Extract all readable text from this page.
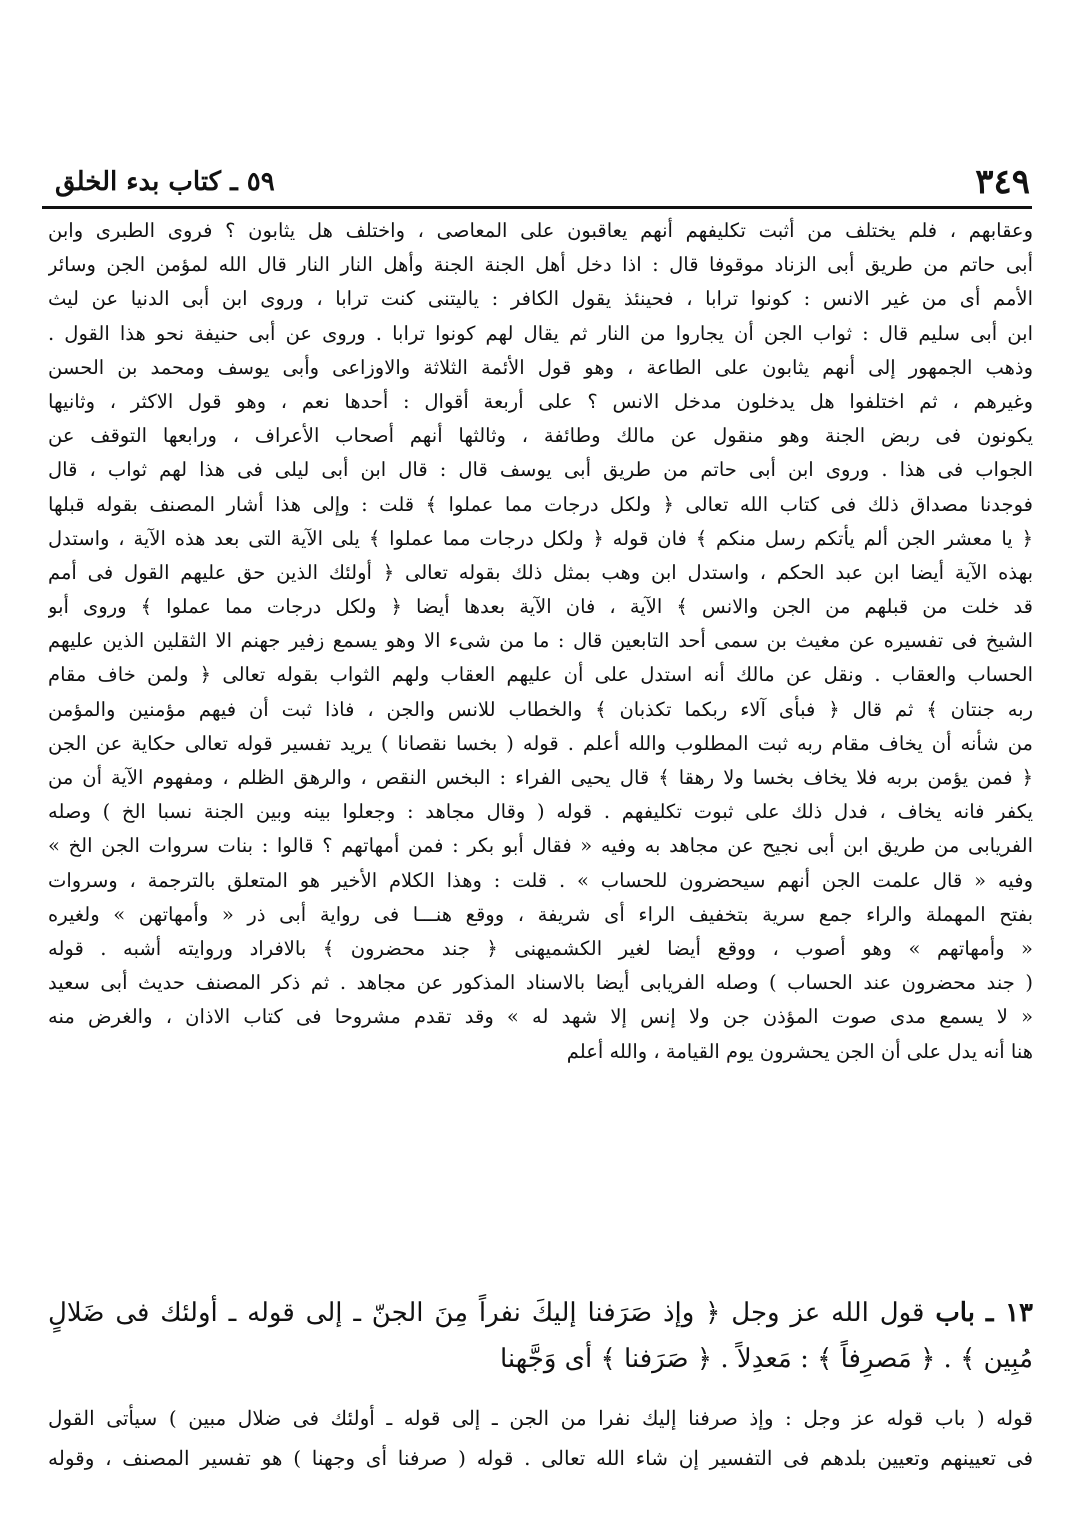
٣٤٩
٥٩ ـ كتاب بدء الخلق
وعقابهم ، فلم يختلف من أثبت تكليفهم أنهم يعاقبون على المعاصى ، واختلف هل يثابون ؟ فروى الطبرى وابن
أبى حاتم من طريق أبى الزناد موقوفا قال : اذا دخل أهل الجنة الجنة وأهل النار النار قال الله لمؤمن الجن وسائر
الأمم أى من غير الانس : كونوا ترابا ، فحينئذ يقول الكافر : ياليتنى كنت ترابا ، وروى ابن أبى الدنيا عن ليث
ابن أبى سليم قال : ثواب الجن أن يجاروا من النار ثم يقال لهم كونوا ترابا . وروى عن أبى حنيفة نحو هذا القول .
وذهب الجمهور إلى أنهم يثابون على الطاعة ، وهو قول الأئمة الثلاثة والاوزاعى وأبى يوسف ومحمد بن الحسن
وغيرهم ، ثم اختلفوا هل يدخلون مدخل الانس ؟ على أربعة أقوال : أحدها نعم ، وهو قول الاكثر ، وثانيها
يكونون فى ربض الجنة وهو منقول عن مالك وطائفة ، وثالثها أنهم أصحاب الأعراف ، ورابعها التوقف عن
الجواب فى هذا . وروى ابن أبى حاتم من طريق أبى يوسف قال : قال ابن أبى ليلى فى هذا لهم ثواب ، قال
فوجدنا مصداق ذلك فى كتاب الله تعالى ﴿ ولكل درجات مما عملوا ﴾ قلت : وإلى هذا أشار المصنف بقوله قبلها
﴿ يا معشر الجن ألم يأتكم رسل منكم ﴾ فان قوله ﴿ ولكل درجات مما عملوا ﴾ يلى الآية التى بعد هذه الآية ، واستدل
بهذه الآية أيضا ابن عبد الحكم ، واستدل ابن وهب بمثل ذلك بقوله تعالى ﴿ أولئك الذين حق عليهم القول فى أمم
قد خلت من قبلهم من الجن والانس ﴾ الآية ، فان الآية بعدها أيضا ﴿ ولكل درجات مما عملوا ﴾ وروى أبو
الشيخ فى تفسيره عن مغيث بن سمى أحد التابعين قال : ما من شىء الا وهو يسمع زفير جهنم الا الثقلين الذين عليهم
الحساب والعقاب . ونقل عن مالك أنه استدل على أن عليهم العقاب ولهم الثواب بقوله تعالى ﴿ ولمن خاف مقام
ربه جنتان ﴾ ثم قال ﴿ فبأى آلاء ربكما تكذبان ﴾ والخطاب للانس والجن ، فاذا ثبت أن فيهم مؤمنين والمؤمن
من شأنه أن يخاف مقام ربه ثبت المطلوب والله أعلم . قوله ( بخسا نقصانا ) يريد تفسير قوله تعالى حكاية عن الجن
﴿ فمن يؤمن بربه فلا يخاف بخسا ولا رهقا ﴾ قال يحيى الفراء : البخس النقص ، والرهق الظلم ، ومفهوم الآية أن من
يكفر فانه يخاف ، فدل ذلك على ثبوت تكليفهم . قوله ( وقال مجاهد : وجعلوا بينه وبين الجنة نسبا الخ ) وصله
الفريابى من طريق ابن أبى نجيح عن مجاهد به وفيه « فقال أبو بكر : فمن أمهاتهم ؟ قالوا : بنات سروات الجن الخ »
وفيه « قال علمت الجن أنهم سيحضرون للحساب » . قلت : وهذا الكلام الأخير هو المتعلق بالترجمة ، وسروات
بفتح المهملة والراء جمع سرية بتخفيف الراء أى شريفة ، ووقع هنـــا فى رواية أبى ذر « وأمهاتهن » ولغيره
« وأمهاتهم » وهو أصوب ، ووقع أيضا لغير الكشميهنى ﴿ جند محضرون ﴾ بالافراد وروايته أشبه . قوله
( جند محضرون عند الحساب ) وصله الفريابى أيضا بالاسناد المذكور عن مجاهد . ثم ذكر المصنف حديث أبى سعيد
« لا يسمع مدى صوت المؤذن جن ولا إنس إلا شهد له » وقد تقدم مشروحا فى كتاب الاذان ، والغرض منه
هنا أنه يدل على أن الجن يحشرون يوم القيامة ، والله أعلم
١٣ ـ باب قول الله عز وجل ﴿ وإذ صَرَفنا إليكَ نفراً مِنَ الجنّ ـ إلى قوله ـ أولئك فى ضَلالٍ
مُبِين ﴾ . ﴿ مَصرِفاً ﴾ : مَعدِلاً . ﴿ صَرَفنا ﴾ أى وَجَّهنا
قوله ( باب قوله عز وجل : وإذ صرفنا إليك نفرا من الجن ـ إلى قوله ـ أولئك فى ضلال مبين ) سيأتى القول
فى تعيينهم وتعيين بلدهم فى التفسير إن شاء الله تعالى . قوله ( صرفنا أى وجهنا ) هو تفسير المصنف ، وقوله
